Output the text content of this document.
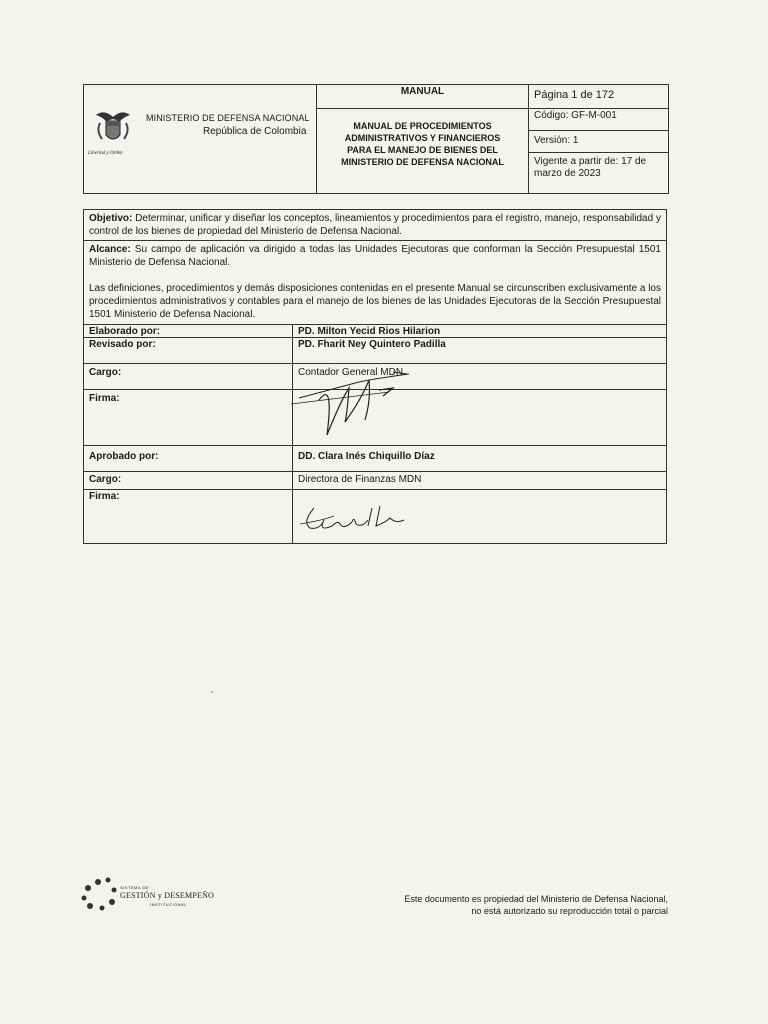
Libertad y Orden
MINISTERIO DE DEFENSA NACIONAL
República de Colombia
MANUAL
MANUAL DE PROCEDIMIENTOS
ADMINISTRATIVOS Y FINANCIEROS
PARA EL MANEJO DE BIENES DEL
MINISTERIO DE DEFENSA NACIONAL
Página 1 de 172
Código: GF-M-001
Versión: 1
Vigente a partir de: 17 de
marzo de 2023
Objetivo: Determinar, unificar y diseñar los conceptos, lineamientos y procedimientos para el registro, manejo, responsabilidad y control de los bienes de propiedad del Ministerio de Defensa Nacional.
Alcance: Su campo de aplicación va dirigido a todas las Unidades Ejecutoras que conforman la Sección Presupuestal 1501 Ministerio de Defensa Nacional.
Las definiciones, procedimientos y demás disposiciones contenidas en el presente Manual se circunscriben exclusivamente a los procedimientos administrativos y contables para el manejo de los bienes de las Unidades Ejecutoras de la Sección Presupuestal 1501 Ministerio de Defensa Nacional.
Elaborado por:	PD. Milton Yecid Rios Hilarion
Revisado por:	PD. Fharit Ney Quintero Padilla
Cargo:	Contador General MDN
Firma:
Aprobado por:	DD. Clara Inés Chiquillo Díaz
Cargo:	Directora de Finanzas MDN
Firma:
SISTEMA DE
GESTIÓN y DESEMPEÑO
INSTITUCIONAL
Este documento es propiedad del Ministerio de Defensa Nacional,
no está autorizado su reproducción total o parcial
